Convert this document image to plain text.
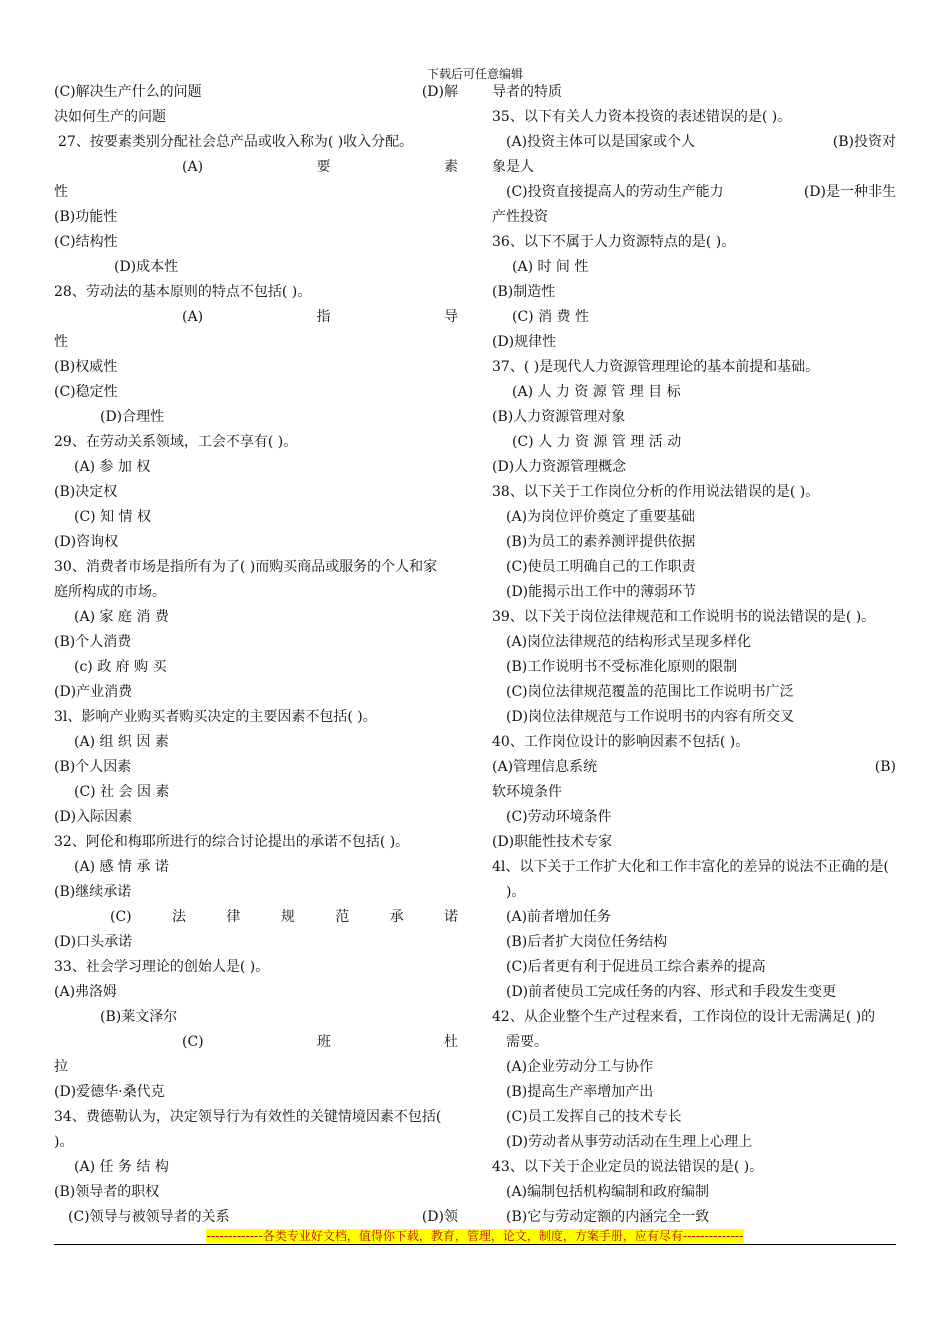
下载后可任意编辑
(C)解决生产什么的问题	(D)解
决如何生产的问题
27、按要素类别分配社会总产品或收入称为( )收入分配。
(A)	要	素
性
(B)功能性
(C)结构性
(D)成本性
28、劳动法的基本原则的特点不包括( )。
(A)	指	导
性
(B)权威性
(C)稳定性
(D)合理性
29、在劳动关系领域，工会不享有( )。
(A) 参 加 权
(B)决定权
(C) 知 情 权
(D)咨询权
30、消费者市场是指所有为了( )而购买商品或服务的个人和家
庭所构成的市场。
(A) 家 庭 消 费
(B)个人消费
(c) 政 府 购 买
(D)产业消费
3l、影响产业购买者购买决定的主要因素不包括( )。
(A) 组 织 因 素
(B)个人因素
(C) 社 会 因 素
(D)入际因素
32、阿伦和梅耶所进行的综合讨论提出的承诺不包括( )。
(A) 感 情 承 诺
(B)继续承诺
(C)	法	律	规	范	承	诺
(D)口头承诺
33、社会学习理论的创始人是( )。
(A)弗洛姆
(B)莱文泽尔
(C)	班	杜
拉
(D)爱德华·桑代克
34、费德勒认为，决定领导行为有效性的关键情境因素不包括(
)。
(A) 任 务 结 构
(B)领导者的职权
(C)领导与被领导者的关系	(D)领
导者的特质
35、以下有关人力资本投资的表述错误的是( )。
(A)投资主体可以是国家或个人	(B)投资对
象是人
(C)投资直接提高人的劳动生产能力	(D)是一种非生
产性投资
36、以下不属于人力资源特点的是( )。
(A) 时 间 性
(B)制造性
(C) 消 费 性
(D)规律性
37、( )是现代人力资源管理理论的基本前提和基础。
(A) 人 力 资 源 管 理 目 标
(B)人力资源管理对象
(C) 人 力 资 源 管 理 活 动
(D)人力资源管理概念
38、以下关于工作岗位分析的作用说法错误的是( )。
(A)为岗位评价奠定了重要基础
(B)为员工的素养测评提供依据
(C)使员工明确自己的工作职责
(D)能揭示出工作中的薄弱环节
39、以下关于岗位法律规范和工作说明书的说法错误的是( )。
(A)岗位法律规范的结构形式呈现多样化
(B)工作说明书不受标准化原则的限制
(C)岗位法律规范覆盖的范围比工作说明书广泛
(D)岗位法律规范与工作说明书的内容有所交叉
40、工作岗位设计的影响因素不包括( )。
(A)管理信息系统	(B)
软环境条件
(C)劳动环境条件
(D)职能性技术专家
4l、以下关于工作扩大化和工作丰富化的差异的说法不正确的是(
)。
(A)前者增加任务
(B)后者扩大岗位任务结构
(C)后者更有利于促进员工综合素养的提高
(D)前者使员工完成任务的内容、形式和手段发生变更
42、从企业整个生产过程来看，工作岗位的设计无需满足( )的
需要。
(A)企业劳动分工与协作
(B)提高生产率增加产出
(C)员工发挥自己的技术专长
(D)劳动者从事劳动活动在生理上心理上
43、以下关于企业定员的说法错误的是( )。
(A)编制包括机构编制和政府编制
(B)它与劳动定额的内涵完全一致
-------------各类专业好文档，值得你下载，教育，管理，论文，制度，方案手册，应有尽有--------------
